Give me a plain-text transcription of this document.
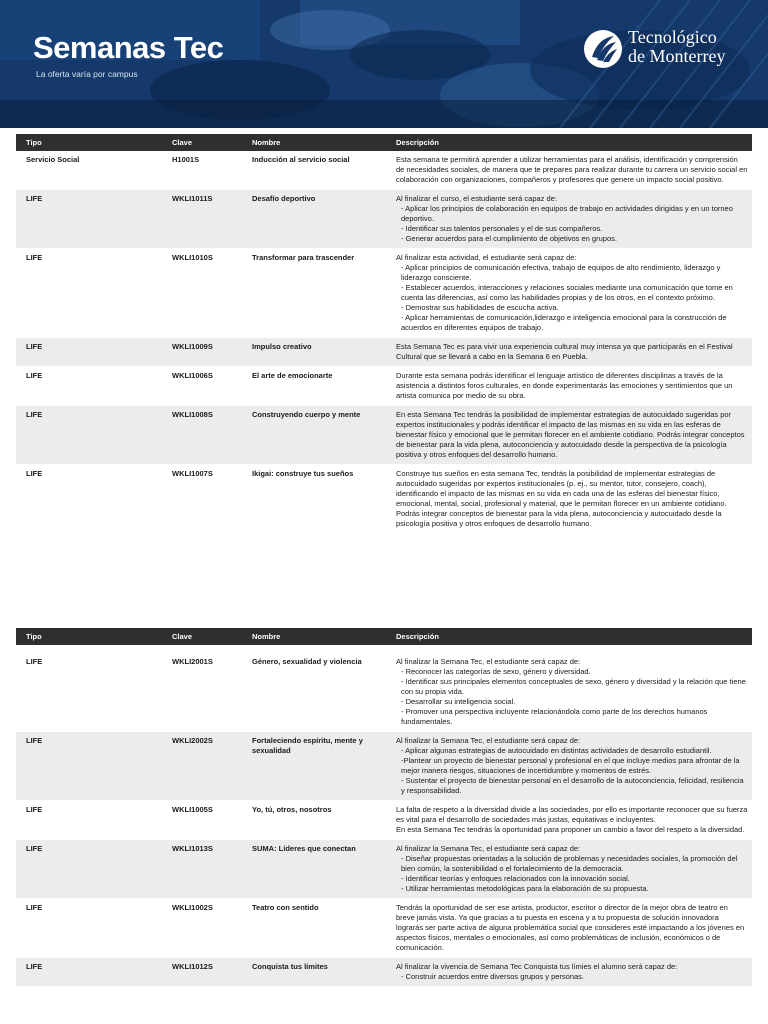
Semanas Tec
La oferta varía por campus
Tecnológico
de Monterrey
Tipo	Clave	Nombre	Descripción
Servicio Social	H1001S	Inducción al servicio social	Esta semana te permitirá aprender a utilizar herramientas para el análisis, identificación y comprensión de necesidades sociales, de manera que te prepares para realizar durante tu carrera un servicio social en colaboración con organizaciones, compañeros y profesores que genere un impacto social positivo.

LIFE	WKLI1011S	Desafío deportivo	Al finalizar el curso, el estudiante será capaz de:
- Aplicar los principios de colaboración en equipos de trabajo en actividades dirigidas y en un torneo deportivo.
- Identificar sus talentos personales y el de sus compañeros.
- Generar acuerdos para el cumplimiento de objetivos en grupos.

LIFE	WKLI1010S	Transformar para trascender	Al finalizar esta actividad, el estudiante será capaz de:
- Aplicar principios de comunicación efectiva, trabajo de equipos de alto rendimiento, liderazgo y liderazgo consciente.
- Establecer acuerdos, interacciones y relaciones sociales mediante una comunicación que tome en cuenta las diferencias, así como las habilidades propias y de los otros, en el contexto próximo.
- Demostrar sus habilidades de escucha activa.
- Aplicar herramientas de comunicación,liderazgo e inteligencia emocional para la construcción de acuerdos en diferentes equipos de trabajo.

LIFE	WKLI1009S	Impulso creativo	Esta Semana Tec es para vivir una experiencia cultural muy intensa ya que participarás en el Festival Cultural que se llevará a cabo en la Semana 6 en Puebla.

LIFE	WKLI1006S	El arte de emocionarte	Durante esta semana podrás identificar el lenguaje artístico de diferentes disciplinas a través de la asistencia a distintos foros culturales, en donde experimentarás las emociones y sentimientos que un artista comunica por medio de su obra.

LIFE	WKLI1008S	Construyendo cuerpo y mente	En esta Semana Tec tendrás la posibilidad de implementar estrategias de autocuidado sugeridas por expertos institucionales y podrás identificar el impacto de las mismas en su vida en las esferas de bienestar físico y emocional que le permitan florecer en el ambiente cotidiano. Podrás integrar conceptos de bienestar para la vida plena, autoconciencia y autocuidado desde la perspectiva de la psicología positiva y otros enfoques del desarrollo humano.

LIFE	WKLI1007S	Ikigai: construye tus sueños	Construye tus sueños en esta semana Tec, tendrás la posibilidad de implementar estrategias de autocuidado sugeridas por expertos institucionales (p. ej., su mentor, tutor, consejero, coach), identificando el impacto de las mismas en su vida en cada una de las esferas del bienestar físico, emocional, mental, social, profesional y material, que le permitan florecer en un ambiente cotidiano. Podrás integrar conceptos de bienestar para la vida plena, autoconciencia y autocuidado desde la psicología positiva y otros enfoques de desarrollo humano.
Tipo	Clave	Nombre	Descripción
LIFE	WKLI2001S	Género, sexualidad y violencia	Al finalizar la Semana Tec, el estudiante será capaz de:
- Reconocer las categorías de sexo, género y diversidad.
- Identificar sus principales elementos conceptuales de sexo, género y diversidad y la relación que tiene con su propia vida.
- Desarrollar su inteligencia social.
- Promover una perspectiva incluyente relacionándola como parte de los derechos humanos fundamentales.

LIFE	WKLI2002S	Fortaleciendo espíritu, mente y sexualidad	Al finalizar la Semana Tec, el estudiante será capaz de:
- Aplicar algunas estrategias de autocuidado en distintas actividades de desarrollo estudiantil.
-Plantear un proyecto de bienestar personal y profesional en el que incluye medios para afrontar de la mejor manera riesgos, situaciones de incertidumbre y momentos de estrés.
- Sustentar el proyecto de bienestar personal en el desarrollo de la autoconciencia, felicidad, resiliencia y responsabilidad.

LIFE	WKLI1005S	Yo, tú, otros, nosotros	La falta de respeto a la diversidad divide a las sociedades, por ello es importante reconocer que su fuerza es vital para el desarrollo de sociedades más justas, equitativas e incluyentes.
En esta Semana Tec tendrás la oportunidad para proponer un cambio a favor del respeto a la diversidad.

LIFE	WKLI1013S	SUMA: Líderes que conectan	Al finalizar la Semana Tec, el estudiante será capaz de:
- Diseñar propuestas orientadas a la solución de problemas y necesidades sociales, la promoción del bien común, la sostenibilidad o el fortalecimiento de la democracia.
- Identificar teorías y enfoques relacionados con la innovación social.
- Utilizar herramientas metodológicas para la elaboración de su propuesta.

LIFE	WKLI1002S	Teatro con sentido	Tendrás la oportunidad de ser ese artista, productor, escritor o director de la mejor obra de teatro en breve jamás vista. Ya que gracias a tu puesta en escena y a tu propuesta de solución innovadora lograrás ser parte activa de alguna problemática social que consideres esté impactando a los jóvenes en aspectos físicos, mentales o emocionales, así como problemáticas de inclusión, económicos o de comunicación.

LIFE	WKLI1012S	Conquista tus límites	Al finalizar la vivencia de Semana Tec Conquista tus límies el alumno será capaz de:
- Construir acuerdos entre diversos grupos y personas.
